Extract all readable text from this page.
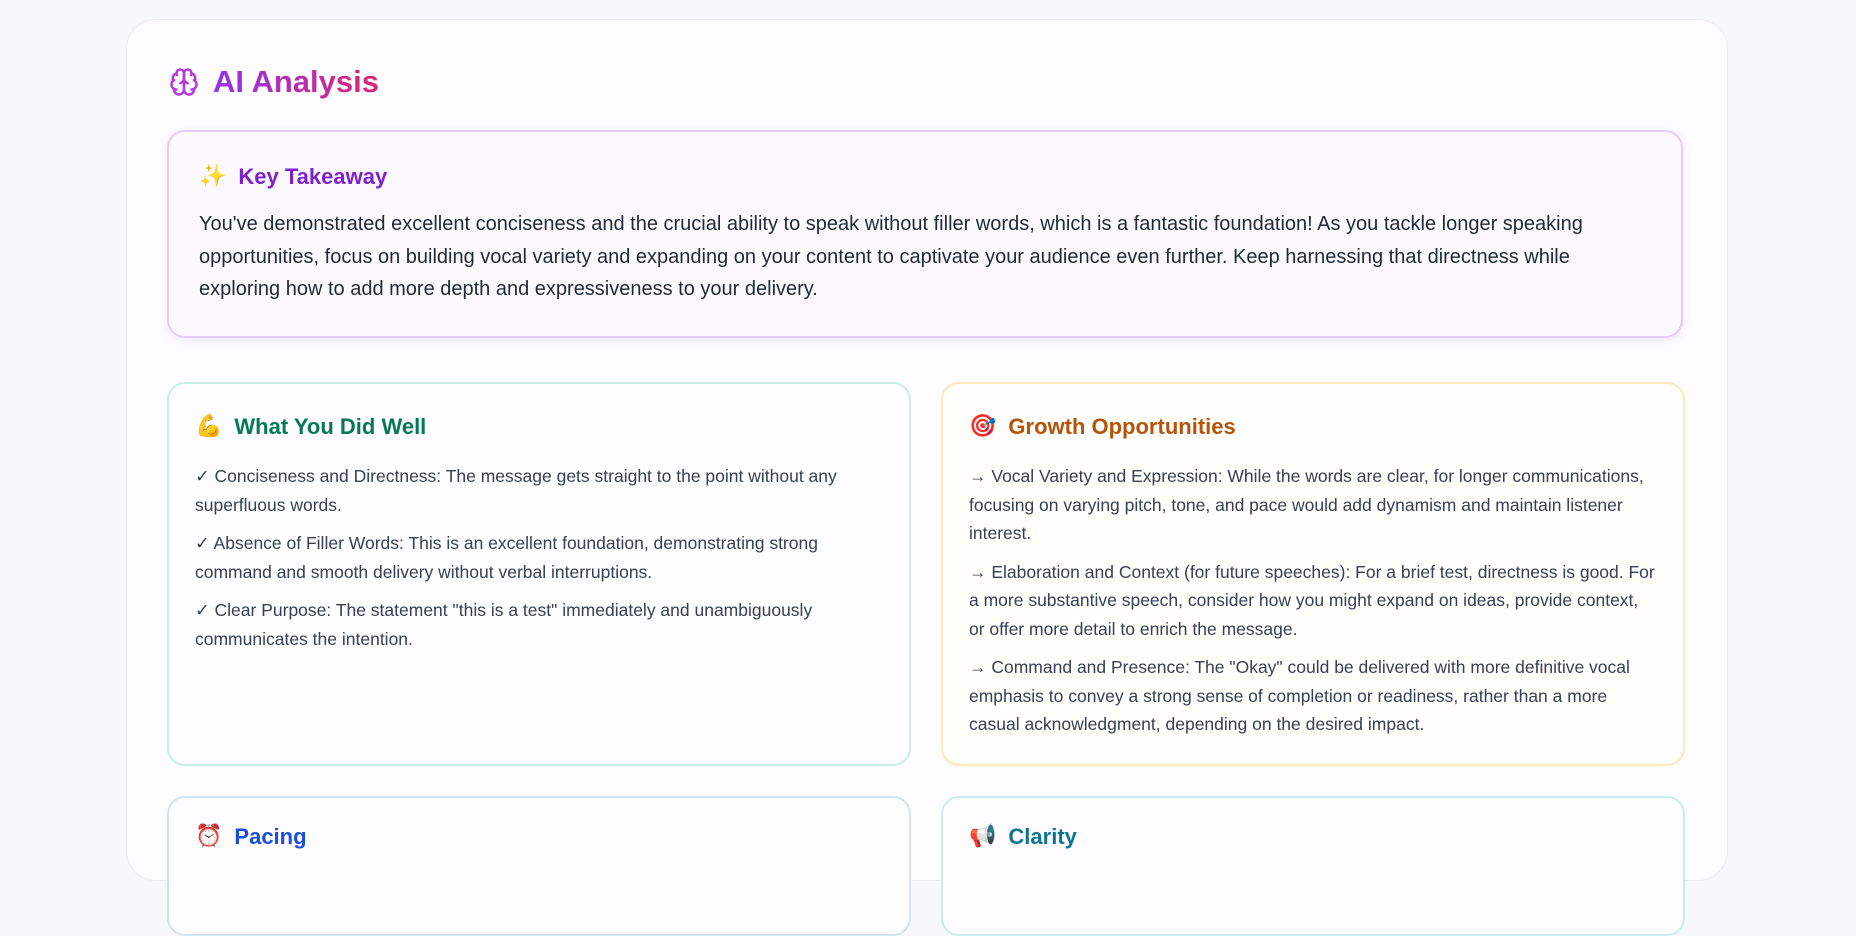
AI Analysis
✨ Key Takeaway
You've demonstrated excellent conciseness and the crucial ability to speak without filler words, which is a fantastic foundation! As you tackle longer speaking opportunities, focus on building vocal variety and expanding on your content to captivate your audience even further. Keep harnessing that directness while exploring how to add more depth and expressiveness to your delivery.
💪 What You Did Well
✓ Conciseness and Directness: The message gets straight to the point without any superfluous words.
✓ Absence of Filler Words: This is an excellent foundation, demonstrating strong command and smooth delivery without verbal interruptions.
✓ Clear Purpose: The statement "this is a test" immediately and unambiguously communicates the intention.
🎯 Growth Opportunities
→ Vocal Variety and Expression: While the words are clear, for longer communications, focusing on varying pitch, tone, and pace would add dynamism and maintain listener interest.
→ Elaboration and Context (for future speeches): For a brief test, directness is good. For a more substantive speech, consider how you might expand on ideas, provide context, or offer more detail to enrich the message.
→ Command and Presence: The "Okay" could be delivered with more definitive vocal emphasis to convey a strong sense of completion or readiness, rather than a more casual acknowledgment, depending on the desired impact.
⏰ Pacing	📢 Clarity
